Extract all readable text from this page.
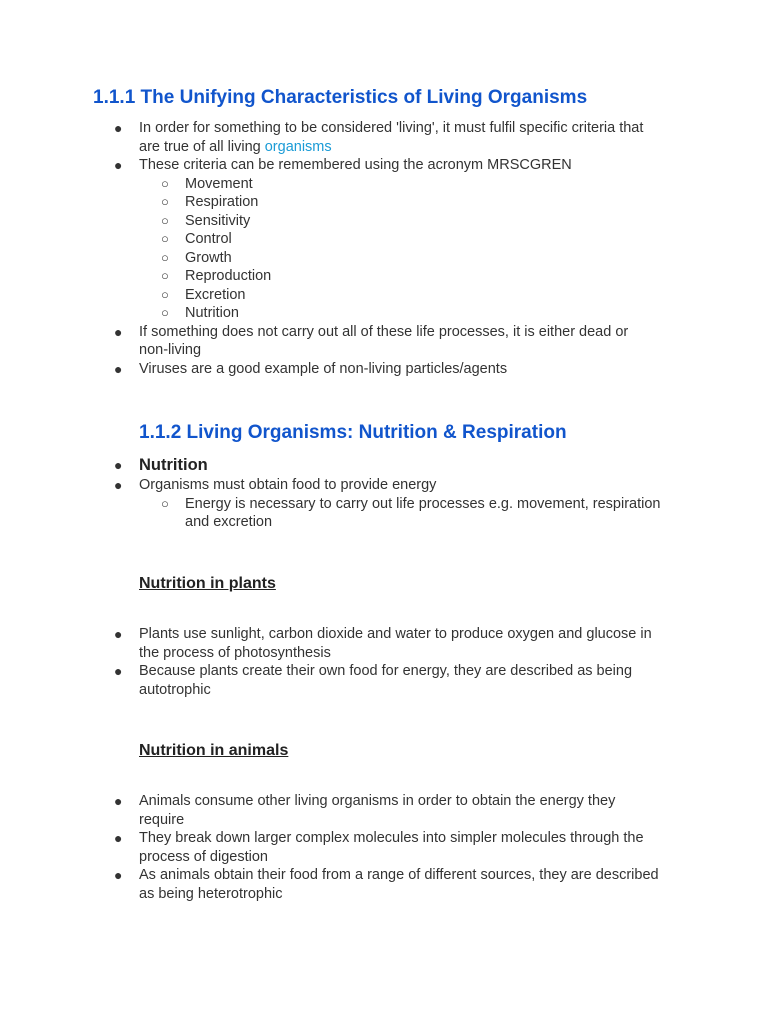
1.1.1 The Unifying Characteristics of Living Organisms
● In order for something to be considered 'living', it must fulfil specific criteria that
are true of all living organisms
● These criteria can be remembered using the acronym MRSCGREN
○ Movement
○ Respiration
○ Sensitivity
○ Control
○ Growth
○ Reproduction
○ Excretion
○ Nutrition
● If something does not carry out all of these life processes, it is either dead or
non-living
● Viruses are a good example of non-living particles/agents
1.1.2 Living Organisms: Nutrition & Respiration
● Nutrition
● Organisms must obtain food to provide energy
○ Energy is necessary to carry out life processes e.g. movement, respiration
and excretion
Nutrition in plants
● Plants use sunlight, carbon dioxide and water to produce oxygen and glucose in
the process of photosynthesis
● Because plants create their own food for energy, they are described as being
autotrophic
Nutrition in animals
● Animals consume other living organisms in order to obtain the energy they
require
● They break down larger complex molecules into simpler molecules through the
process of digestion
● As animals obtain their food from a range of different sources, they are described
as being heterotrophic
